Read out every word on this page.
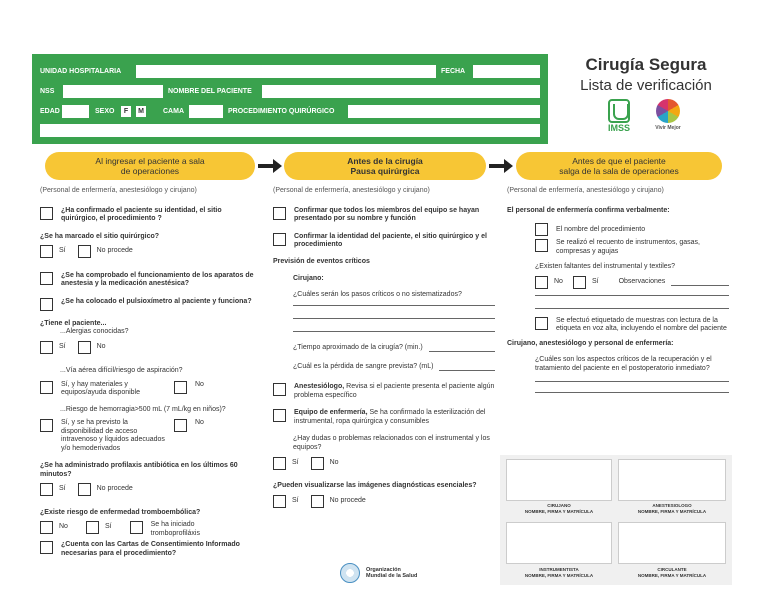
UNIDAD HOSPITALARIA	FECHA
NSS	NOMBRE DEL PACIENTE
EDAD	SEXO	F	M	CAMA	PROCEDIMIENTO QUIRÚRGICO
Cirugía Segura
Lista de verificación
IMSS	Vivir Mejor
Al ingresar el paciente a sala
de operaciones
Antes de la cirugía
Pausa quirúrgica
Antes de que el paciente
salga de la sala de operaciones
(Personal de enfermería, anestesiólogo y cirujano)
¿Ha confirmado el paciente su identidad, el sitio quirúrgico, el procedimiento ?
¿Se ha marcado el sitio quirúrgico?
Sí
	No procede
¿Se ha comprobado el funcionamiento de los aparatos de anestesia y la medicación anestésica?
¿Se ha colocado el pulsioxímetro al paciente y funciona?
¿Tiene el paciente...
...Alergias conocidas?
Sí
	No
...Vía aérea difícil/riesgo de aspiración?
Sí, y hay materiales y equipos/ayuda disponible
No
...Riesgo de hemorragia>500 mL (7 mL/kg en niños)?
Sí, y se ha previsto la disponibilidad de acceso intravenoso y líquidos adecuados y/o hemoderivados
No
¿Se ha administrado profilaxis antibiótica en los últimos 60 minutos?
Sí
	No procede
¿Existe riesgo de enfermedad tromboembólica?
No	Sí	Se ha iniciado tromboprofiláxis
¿Cuenta con las Cartas de Consentimiento Informado necesarias para el procedimiento?
(Personal de enfermería, anestesiólogo y cirujano)
Confirmar que todos los miembros del equipo se hayan presentado por su nombre y función
Confirmar la identidad del paciente, el sitio quirúrgico y el procedimiento
Previsión de eventos críticos
Cirujano:
¿Cuáles serán los pasos críticos o no sistematizados?
¿Tiempo aproximado de la cirugía? (min.)
¿Cuál es la pérdida de sangre prevista? (mL)
Anestesiólogo, Revisa si el paciente presenta el paciente algún problema específico
Equipo de enfermería, Se ha confirmado la esterilización del instrumental, ropa quirúrgica y consumibles
¿Hay dudas o problemas relacionados con el instrumental y los equipos?
Sí
	No
¿Pueden visualizarse las imágenes diagnósticas esenciales?
Sí
	No procede
(Personal de enfermería, anestesiólogo y cirujano)
El personal de enfermería confirma verbalmente:
El nombre del procedimiento
Se realizó el recuento de instrumentos, gasas, compresas y agujas
¿Existen faltantes del instrumental y textiles?
No	Sí	Observaciones
Se efectuó etiquetado de muestras con lectura de la etiqueta en voz alta, incluyendo el nombre del paciente
Cirujano, anestesiólogo y personal de enfermería:
¿Cuáles son los aspectos críticos de la recuperación y el tratamiento del paciente en el postoperatorio inmediato?
CIRUJANO
NOMBRE, FIRMA Y MATRÍCULA
ANESTESIOLOGO
NOMBRE, FIRMA Y MATRÍCULA
INSTRUMENTISTA
NOMBRE, FIRMA Y MATRÍCULA
CIRCULANTE
NOMBRE, FIRMA Y MATRÍCULA
Organización
Mundial de la Salud
